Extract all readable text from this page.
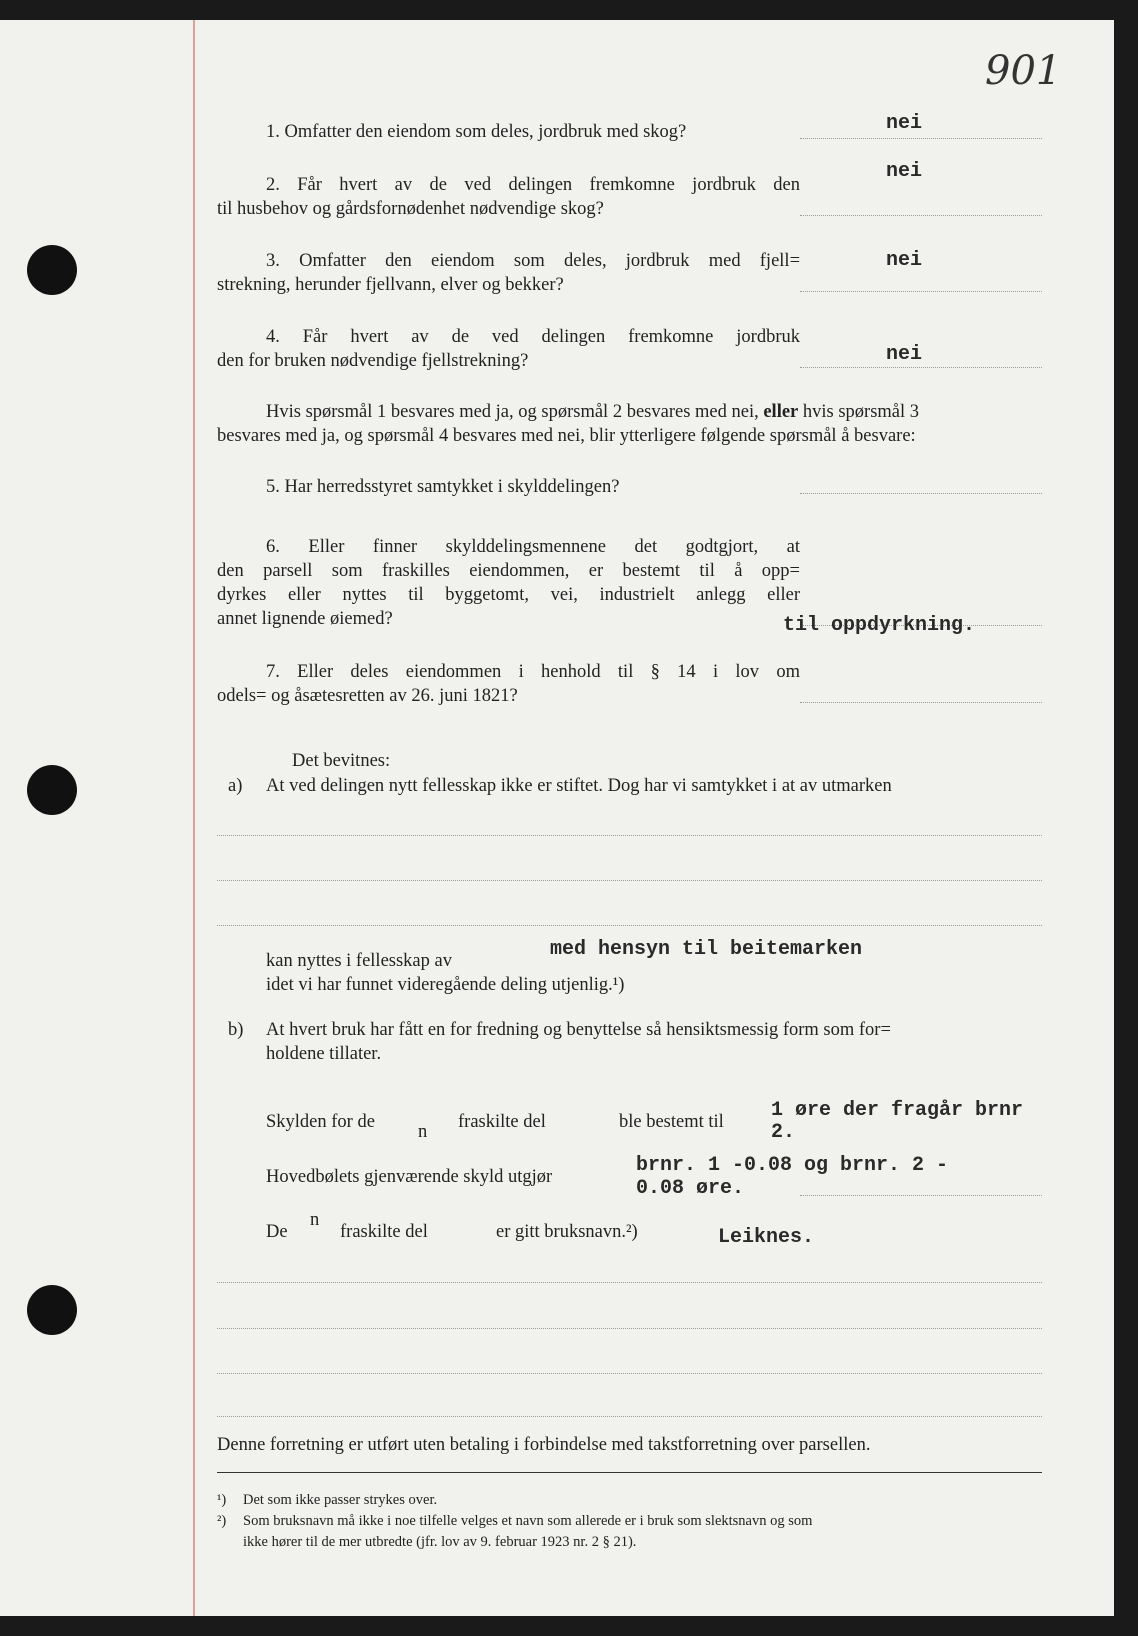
901
1. Omfatter den eiendom som deles, jordbruk med skog?	nei
2. Får hvert av de ved delingen fremkomne jordbruk den
til husbehov og gårdsfornødenhet nødvendige skog?
nei
3. Omfatter den eiendom som deles, jordbruk med fjell=
strekning, herunder fjellvann, elver og bekker?
nei
4. Får hvert av de ved delingen fremkomne jordbruk
den for bruken nødvendige fjellstrekning?	nei
Hvis spørsmål 1 besvares med ja, og spørsmål 2 besvares med nei, eller hvis spørsmål 3
besvares med ja, og spørsmål 4 besvares med nei, blir ytterligere følgende spørsmål å besvare:
5. Har herredsstyret samtykket i skylddelingen?
6. Eller finner skylddelingsmennene det godtgjort, at
den parsell som fraskilles eiendommen, er bestemt til å opp=
dyrkes eller nyttes til byggetomt, vei, industrielt anlegg eller
annet lignende øiemed?	til oppdyrkning.
7. Eller deles eiendommen i henhold til § 14 i lov om
odels= og åsætesretten av 26. juni 1821?
Det bevitnes:
a) At ved delingen nytt fellesskap ikke er stiftet. Dog har vi samtykket i at av utmarken
kan nyttes i fellesskap av	med hensyn til beitemarken
idet vi har funnet videregående deling utjenlig.¹)
b) At hvert bruk har fått en for fredning og benyttelse så hensiktsmessig form som for=
holdene tillater.
Skylden for de n fraskilte del	ble bestemt til 1 øre der fragår brnr
2.
Hovedbølets gjenværende skyld utgjør	brnr. 1 -0.08 og brnr. 2 -
0.08 øre.
De
n
fraskilte del	er gitt bruksnavn.²)	Leiknes.
Denne forretning er utført uten betaling i forbindelse med takstforretning over parsellen.
¹) Det som ikke passer strykes over.
²) Som bruksnavn må ikke i noe tilfelle velges et navn som allerede er i bruk som slektsnavn og som
ikke hører til de mer utbredte (jfr. lov av 9. februar 1923 nr. 2 § 21).
